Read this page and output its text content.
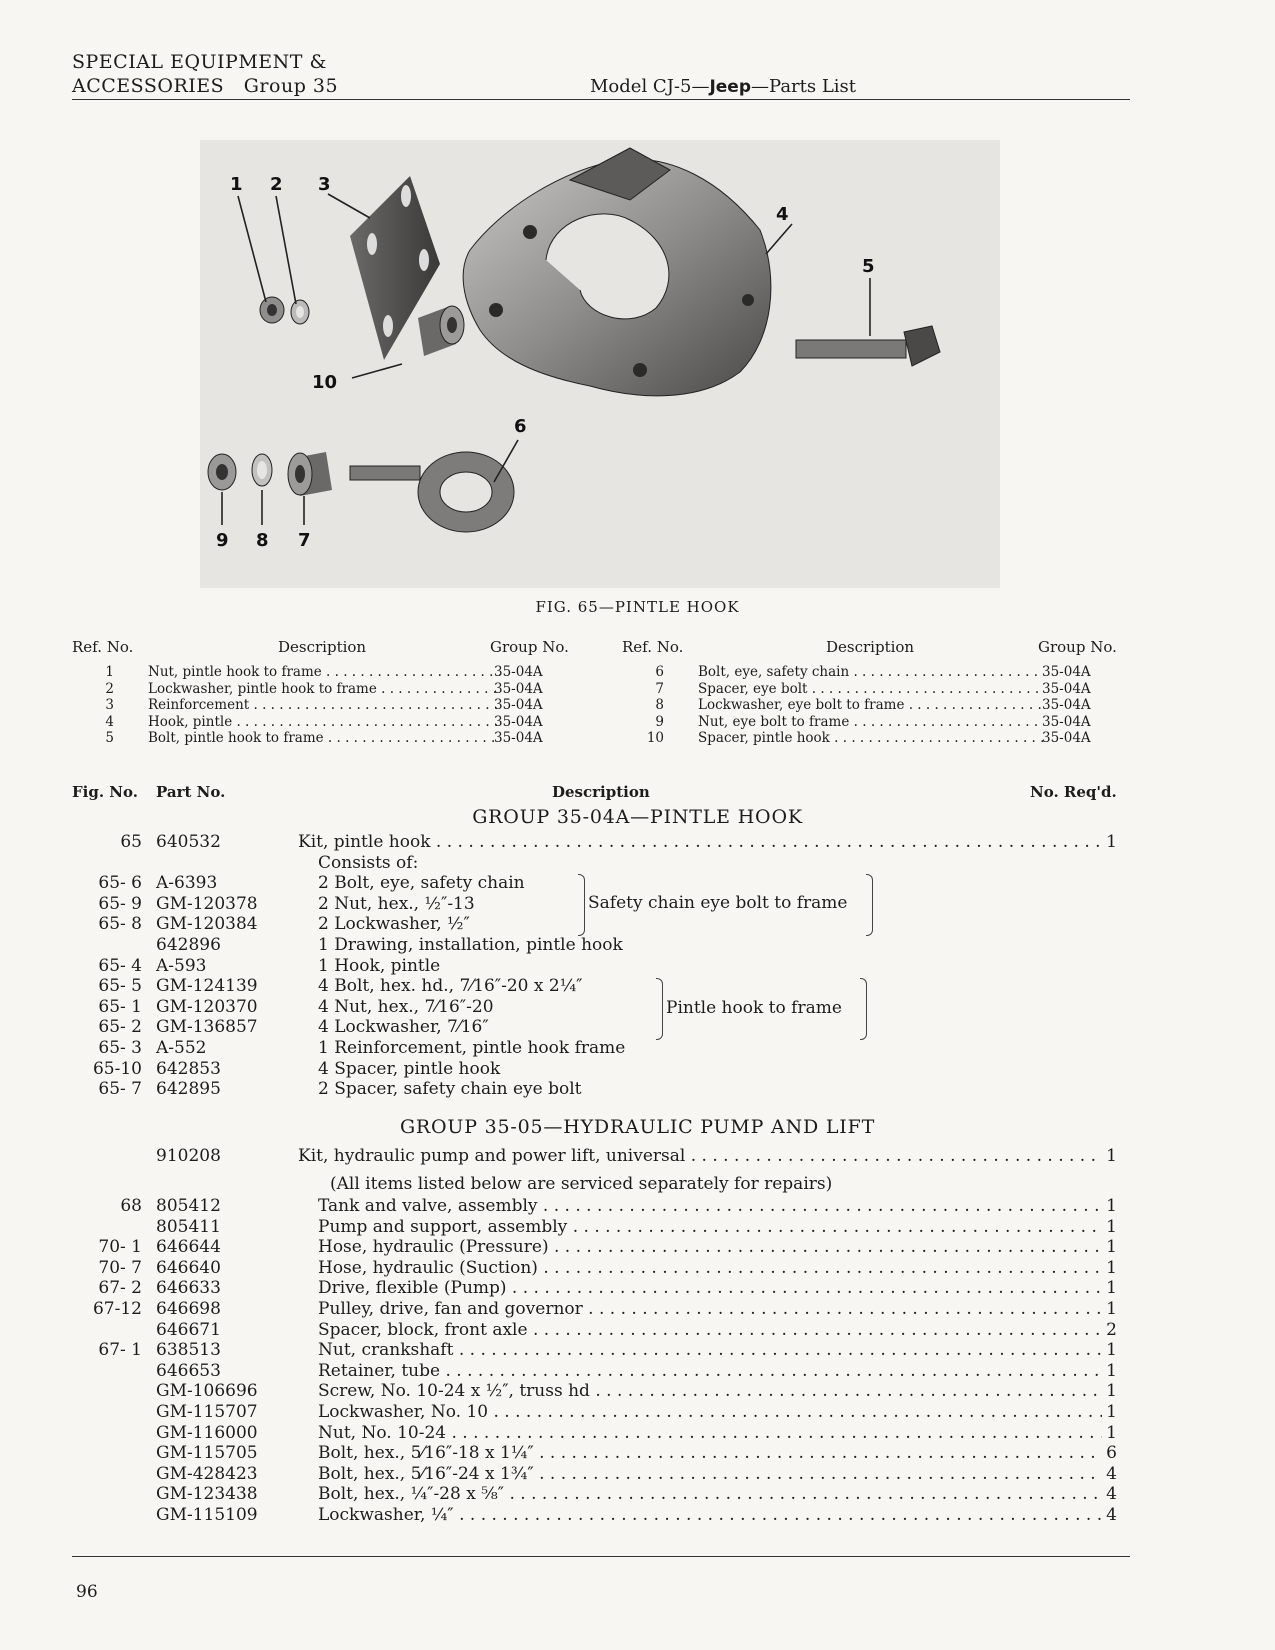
SPECIAL EQUIPMENT &
ACCESSORIES   Group 35	Model CJ-5—Jeep—Parts List
1 2 3
4
5
6
7
8
9
10
FIG. 65—PINTLE HOOK
Ref. No.	Description	Group No.	Ref. No.	Description	Group No.
1	Nut, pintle hook to frame . . .	35-04A
2	Lockwasher, pintle hook to frame . . .	35-04A
3	Reinforcement . . .	35-04A
4	Hook, pintle . . .	35-04A
5	Bolt, pintle hook to frame . . .	35-04A
6	Bolt, eye, safety chain . . .	35-04A
7	Spacer, eye bolt . . .	35-04A
8	Lockwasher, eye bolt to frame . . .	35-04A
9	Nut, eye bolt to frame . . .	35-04A
10	Spacer, pintle hook . . .	35-04A
Fig. No. Part No.	Description	No. Req'd.
GROUP 35-04A—PINTLE HOOK
65 640532	Kit, pintle hook . . .	1
Consists of:
65- 6 A-6393	2 Bolt, eye, safety chain
65- 9 GM-120378	2 Nut, hex., ½″-13
65- 8 GM-120384	2 Lockwasher, ½″
642896	1 Drawing, installation, pintle hook
65- 4 A-593	1 Hook, pintle
65- 5 GM-124139	4 Bolt, hex. hd., 7⁄16″-20 x 2¼″
65- 1 GM-120370	4 Nut, hex., 7⁄16″-20
65- 2 GM-136857	4 Lockwasher, 7⁄16″
65- 3 A-552	1 Reinforcement, pintle hook frame
65-10 642853	4 Spacer, pintle hook
65- 7 642895	2 Spacer, safety chain eye bolt
Safety chain eye bolt to frame
Pintle hook to frame
GROUP 35-05—HYDRAULIC PUMP AND LIFT
910208	Kit, hydraulic pump and power lift, universal . . .	1
(All items listed below are serviced separately for repairs)
68 805412	Tank and valve, assembly . . .	1
805411	Pump and support, assembly . . .	1
70- 1 646644	Hose, hydraulic (Pressure) . . .	1
70- 7 646640	Hose, hydraulic (Suction) . . .	1
67- 2 646633	Drive, flexible (Pump) . . .	1
67-12 646698	Pulley, drive, fan and governor . . .	1
646671	Spacer, block, front axle . . .	2
67- 1 638513	Nut, crankshaft . . .	1
646653	Retainer, tube . . .	1
GM-106696	Screw, No. 10-24 x ½″, truss hd . . .	1
GM-115707	Lockwasher, No. 10 . . .	1
GM-116000	Nut, No. 10-24 . . .	1
GM-115705	Bolt, hex., 5⁄16″-18 x 1¼″ . . .	6
GM-428423	Bolt, hex., 5⁄16″-24 x 1¾″ . . .	4
GM-123438	Bolt, hex., ¼″-28 x ⅝″ . . .	4
GM-115109	Lockwasher, ¼″ . . .	4
96
